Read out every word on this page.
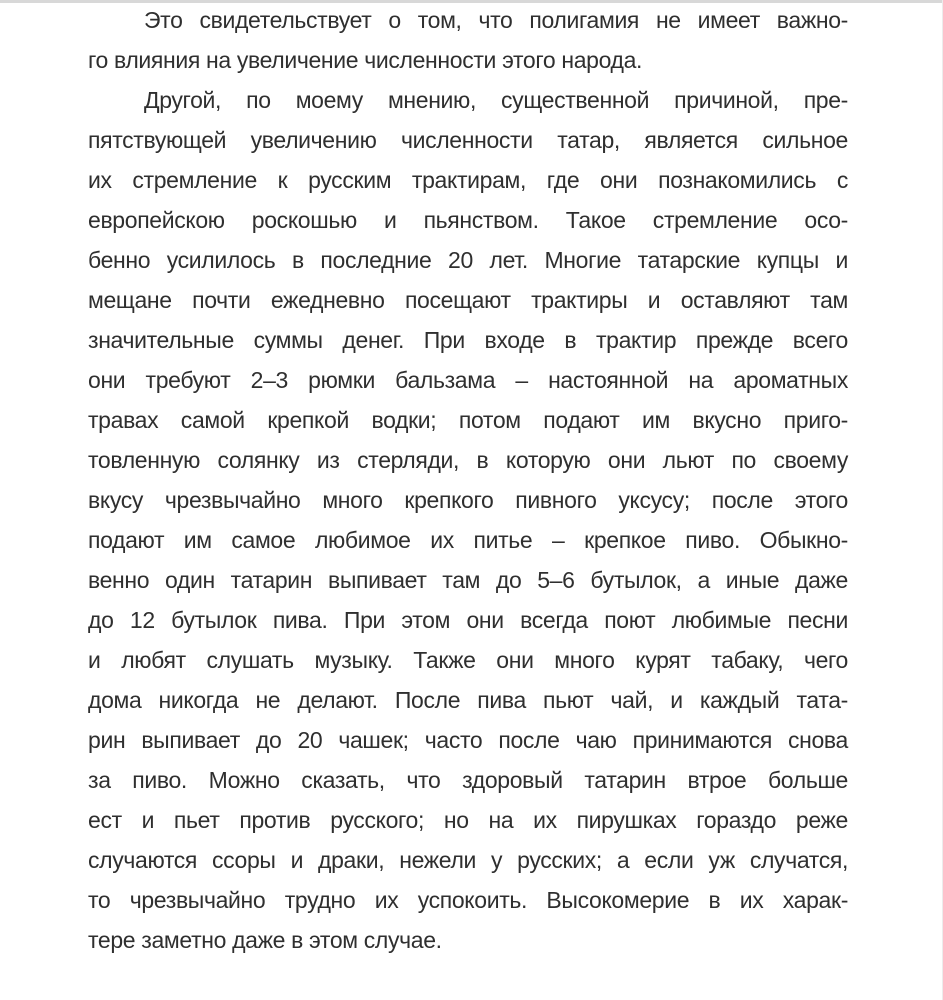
Это свидетельствует о том, что полигамия не имеет важно-
го влияния на увеличение численности этого народа.
Другой, по моему мнению, существенной причиной, пре-
пятствующей увеличению численности татар, является сильное
их стремление к русским трактирам, где они познакомились с
европейскою роскошью и пьянством. Такое стремление осо-
бенно усилилось в последние 20 лет. Многие татарские купцы и
мещане почти ежедневно посещают трактиры и оставляют там
значительные суммы денег. При входе в трактир прежде всего
они требуют 2–3 рюмки бальзама – настоянной на ароматных
травах самой крепкой водки; потом подают им вкусно приго-
товленную солянку из стерляди, в которую они льют по своему
вкусу чрезвычайно много крепкого пивного уксусу; после этого
подают им самое любимое их питье – крепкое пиво. Обыкно-
венно один татарин выпивает там до 5–6 бутылок, а иные даже
до 12 бутылок пива. При этом они всегда поют любимые песни
и любят слушать музыку. Также они много курят табаку, чего
дома никогда не делают. После пива пьют чай, и каждый тата-
рин выпивает до 20 чашек; часто после чаю принимаются снова
за пиво. Можно сказать, что здоровый татарин втрое больше
ест и пьет против русского; но на их пирушках гораздо реже
случаются ссоры и драки, нежели у русских; а если уж случатся,
то чрезвычайно трудно их успокоить. Высокомерие в их харак-
тере заметно даже в этом случае.
